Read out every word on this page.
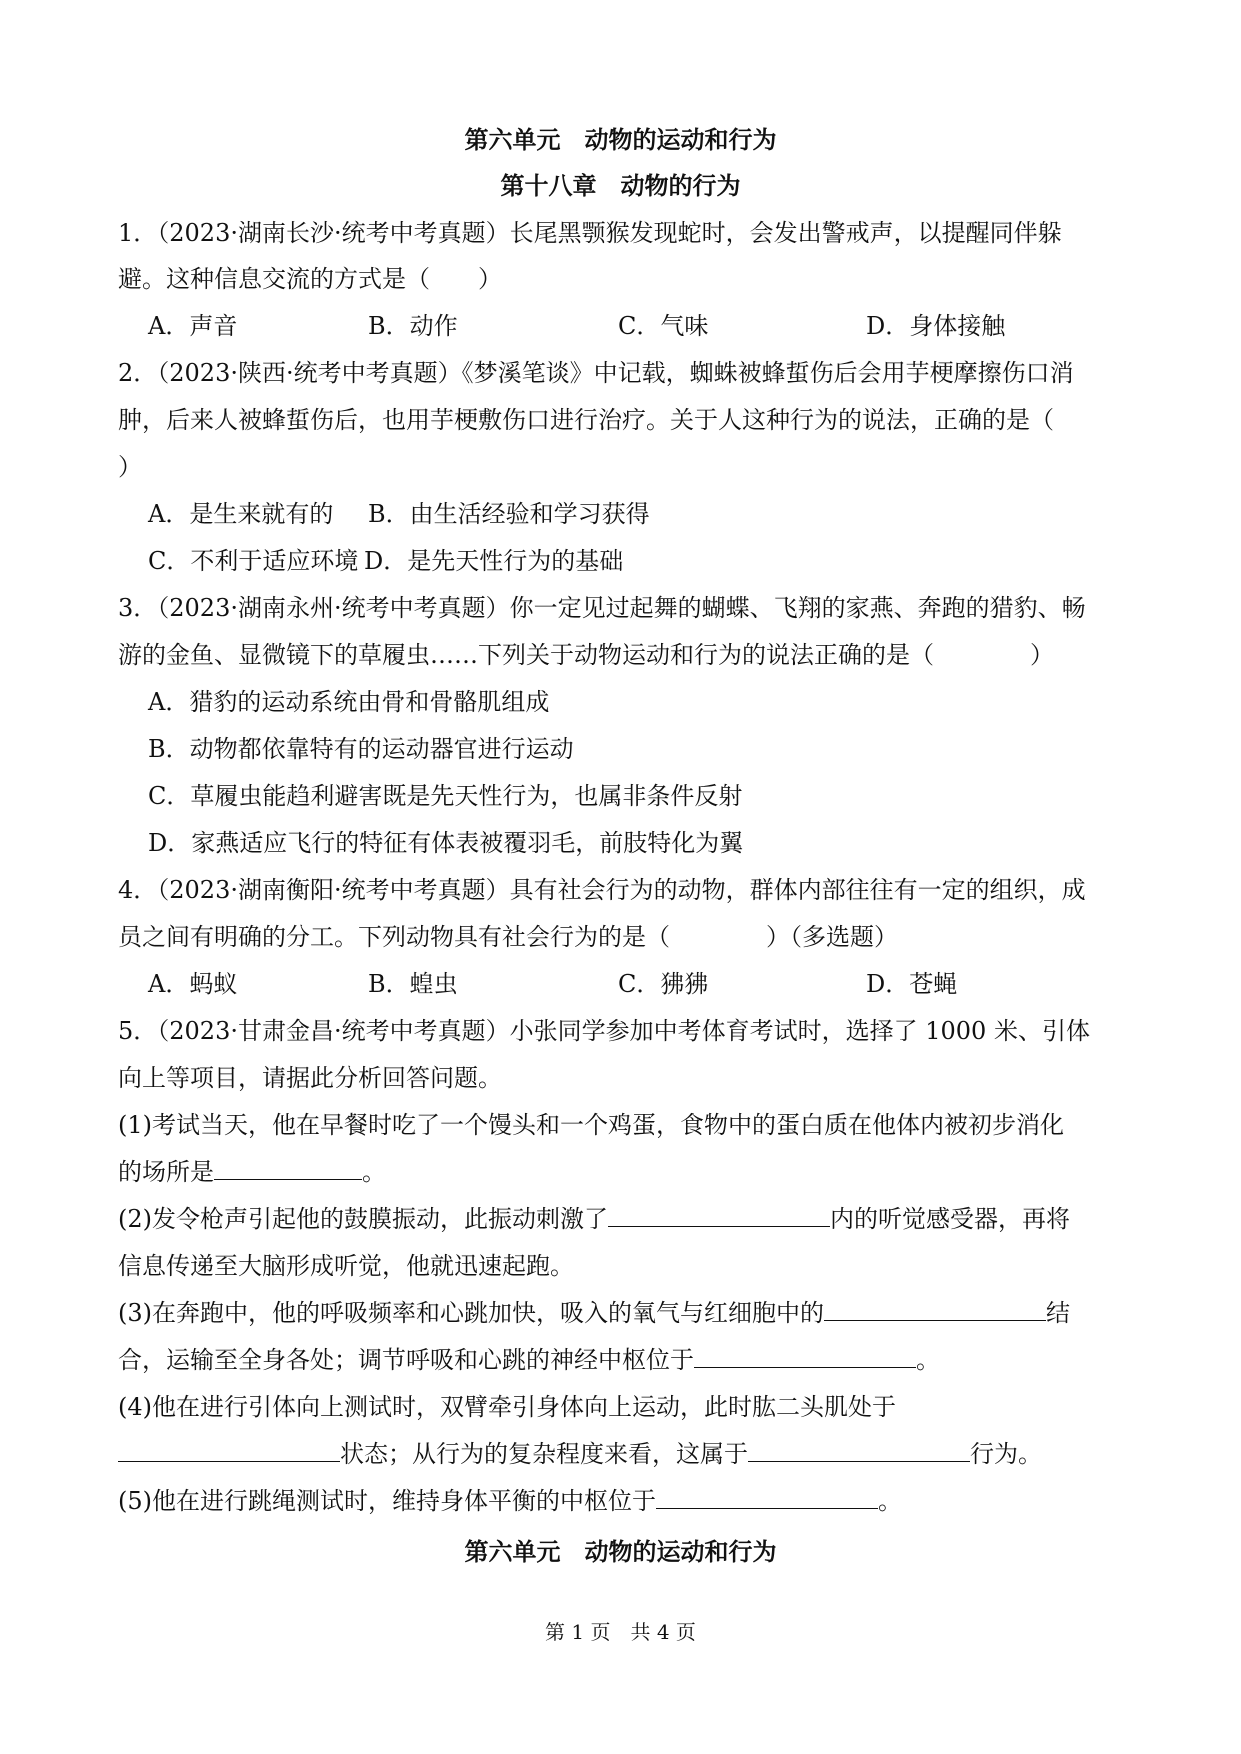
第六单元　动物的运动和行为
第十八章　动物的行为
1．（2023·湖南长沙·统考中考真题）长尾黑颚猴发现蛇时，会发出警戒声，以提醒同伴躲
避。这种信息交流的方式是（　　）
A．声音	B．动作	C．气味	D．身体接触
2．（2023·陕西·统考中考真题）《梦溪笔谈》中记载，蜘蛛被蜂蜇伤后会用芋梗摩擦伤口消
肿，后来人被蜂蜇伤后，也用芋梗敷伤口进行治疗。关于人这种行为的说法，正确的是（
）
A．是生来就有的 B．由生活经验和学习获得
C．不利于适应环境 D．是先天性行为的基础
3．（2023·湖南永州·统考中考真题）你一定见过起舞的蝴蝶、飞翔的家燕、奔跑的猎豹、畅
游的金鱼、显微镜下的草履虫……下列关于动物运动和行为的说法正确的是（　　　　）
A．猎豹的运动系统由骨和骨骼肌组成
B．动物都依靠特有的运动器官进行运动
C．草履虫能趋利避害既是先天性行为，也属非条件反射
D．家燕适应飞行的特征有体表被覆羽毛，前肢特化为翼
4．（2023·湖南衡阳·统考中考真题）具有社会行为的动物，群体内部往往有一定的组织，成
员之间有明确的分工。下列动物具有社会行为的是（　　　　）（多选题）
A．蚂蚁	B．蝗虫	C．狒狒	D．苍蝇
5．（2023·甘肃金昌·统考中考真题）小张同学参加中考体育考试时，选择了 1000 米、引体
向上等项目，请据此分析回答问题。
(1)考试当天，他在早餐时吃了一个馒头和一个鸡蛋，食物中的蛋白质在他体内被初步消化
的场所是	。
(2)发令枪声引起他的鼓膜振动，此振动刺激了	内的听觉感受器，再将
信息传递至大脑形成听觉，他就迅速起跑。
(3)在奔跑中，他的呼吸频率和心跳加快，吸入的氧气与红细胞中的	结
合，运输至全身各处；调节呼吸和心跳的神经中枢位于	。
(4)他在进行引体向上测试时，双臂牵引身体向上运动，此时肱二头肌处于
状态；从行为的复杂程度来看，这属于	行为。
(5)他在进行跳绳测试时，维持身体平衡的中枢位于	。
第六单元　动物的运动和行为
第 1 页　共 4 页
